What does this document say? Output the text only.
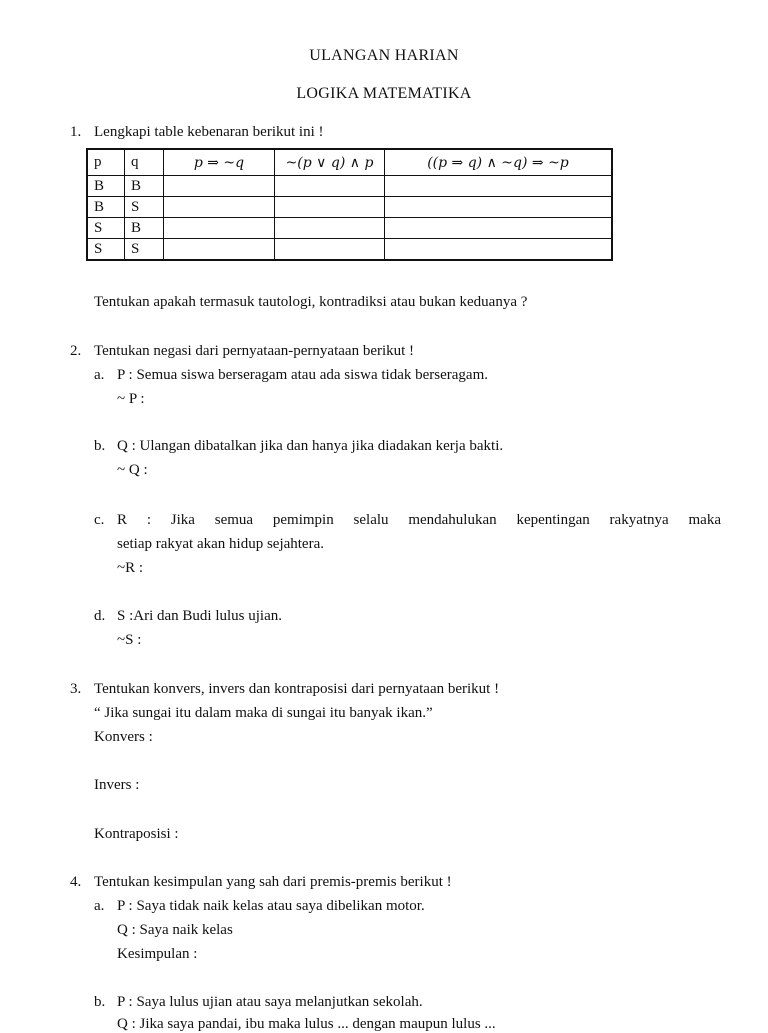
ULANGAN HARIAN
LOGIKA MATEMATIKA
1. Lengkapi table kebenaran berikut ini !
p	q	p ⇒ ~q	~(p ∨ q) ∧ p	((p ⇒ q) ∧ ~q) ⇒ ~p
B	B			
B	S			
S	B			
S	S			
Tentukan apakah termasuk tautologi, kontradiksi atau bukan keduanya ?
2. Tentukan negasi dari pernyataan-pernyataan berikut !
a. P : Semua siswa berseragam atau ada siswa tidak berseragam.
~ P :
b. Q : Ulangan dibatalkan jika dan hanya jika diadakan kerja bakti.
~ Q :
c. R : Jika semua pemimpin selalu mendahulukan kepentingan rakyatnya maka
setiap rakyat akan hidup sejahtera.
~R :
d. S :Ari dan Budi lulus ujian.
~S :
3. Tentukan konvers, invers dan kontraposisi dari pernyataan berikut !
“ Jika sungai itu dalam maka di sungai itu banyak ikan.”
Konvers :
Invers :
Kontraposisi :
4. Tentukan kesimpulan yang sah dari premis-premis berikut !
a. P : Saya tidak naik kelas atau saya dibelikan motor.
Q : Saya naik kelas
Kesimpulan :
b. P : Saya lulus ujian atau saya melanjutkan sekolah.
Q : Jika saya pandai, ibu maka lulus ... dengan maupun lulus ...
